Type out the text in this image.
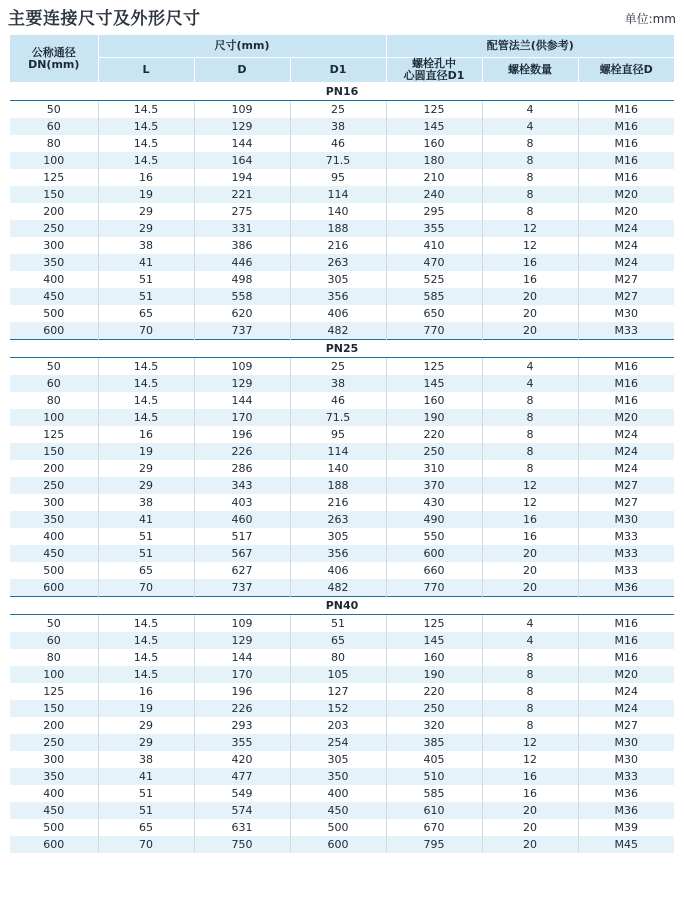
主要连接尺寸及外形尺寸	单位:mm
公称通径
DN(mm)	尺寸(mm)			配管法兰(供参考)		
	L	D	D1	螺栓孔中
心圆直径D1	螺栓数量	螺栓直径D
PN16						
50	14.5	109	25	125	4	M16
60	14.5	129	38	145	4	M16
80	14.5	144	46	160	8	M16
100	14.5	164	71.5	180	8	M16
125	16	194	95	210	8	M16
150	19	221	114	240	8	M20
200	29	275	140	295	8	M20
250	29	331	188	355	12	M24
300	38	386	216	410	12	M24
350	41	446	263	470	16	M24
400	51	498	305	525	16	M27
450	51	558	356	585	20	M27
500	65	620	406	650	20	M30
600	70	737	482	770	20	M33
PN25						
50	14.5	109	25	125	4	M16
60	14.5	129	38	145	4	M16
80	14.5	144	46	160	8	M16
100	14.5	170	71.5	190	8	M20
125	16	196	95	220	8	M24
150	19	226	114	250	8	M24
200	29	286	140	310	8	M24
250	29	343	188	370	12	M27
300	38	403	216	430	12	M27
350	41	460	263	490	16	M30
400	51	517	305	550	16	M33
450	51	567	356	600	20	M33
500	65	627	406	660	20	M33
600	70	737	482	770	20	M36
PN40						
50	14.5	109	51	125	4	M16
60	14.5	129	65	145	4	M16
80	14.5	144	80	160	8	M16
100	14.5	170	105	190	8	M20
125	16	196	127	220	8	M24
150	19	226	152	250	8	M24
200	29	293	203	320	8	M27
250	29	355	254	385	12	M30
300	38	420	305	405	12	M30
350	41	477	350	510	16	M33
400	51	549	400	585	16	M36
450	51	574	450	610	20	M36
500	65	631	500	670	20	M39
600	70	750	600	795	20	M45
